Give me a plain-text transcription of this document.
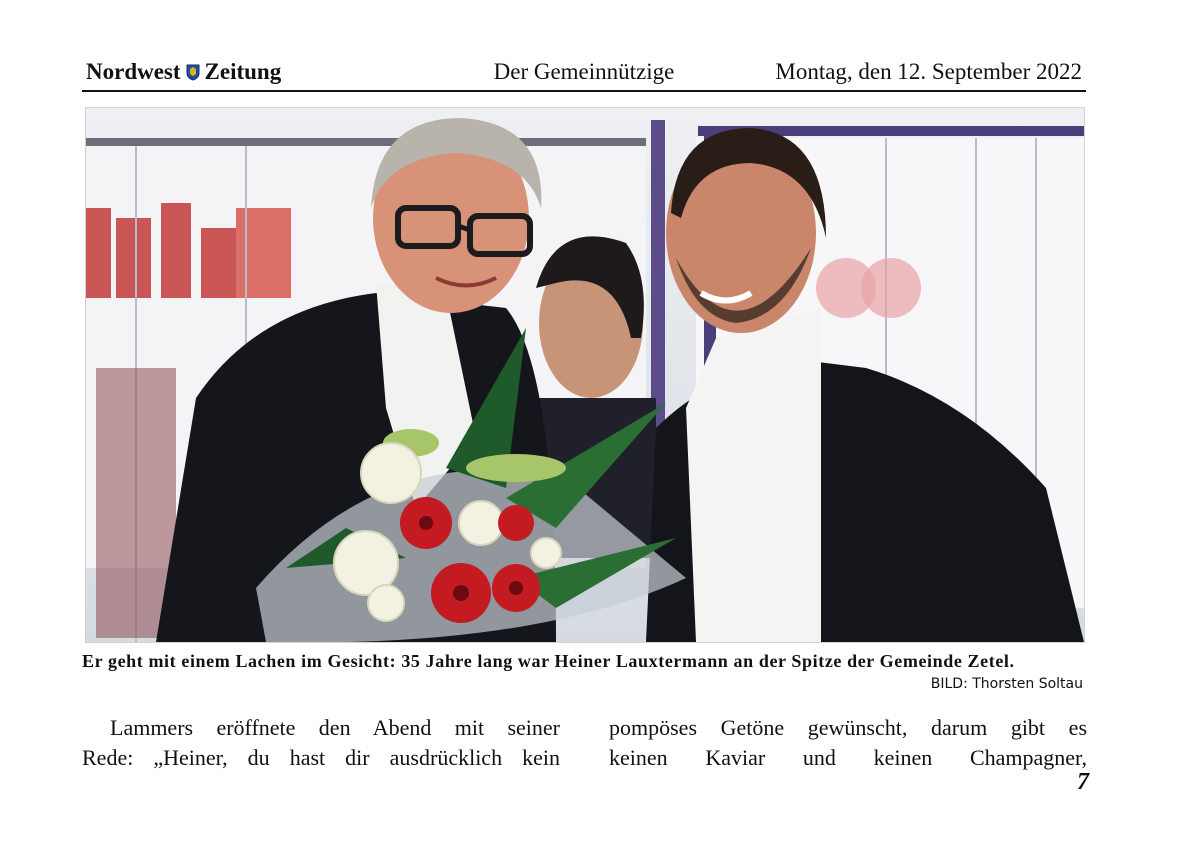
Nordwest Zeitung	Der Gemeinnützige	Montag, den 12. September 2022
Er geht mit einem Lachen im Gesicht: 35 Jahre lang war Heiner Lauxtermann an der Spitze der Gemeinde Zetel.
BILD: Thorsten Soltau
Lammers eröffnete den Abend mit seiner
Rede: „Heiner, du hast dir ausdrücklich kein
pompöses Getöne gewünscht, darum gibt es
keinen Kaviar und keinen Champagner,
7
